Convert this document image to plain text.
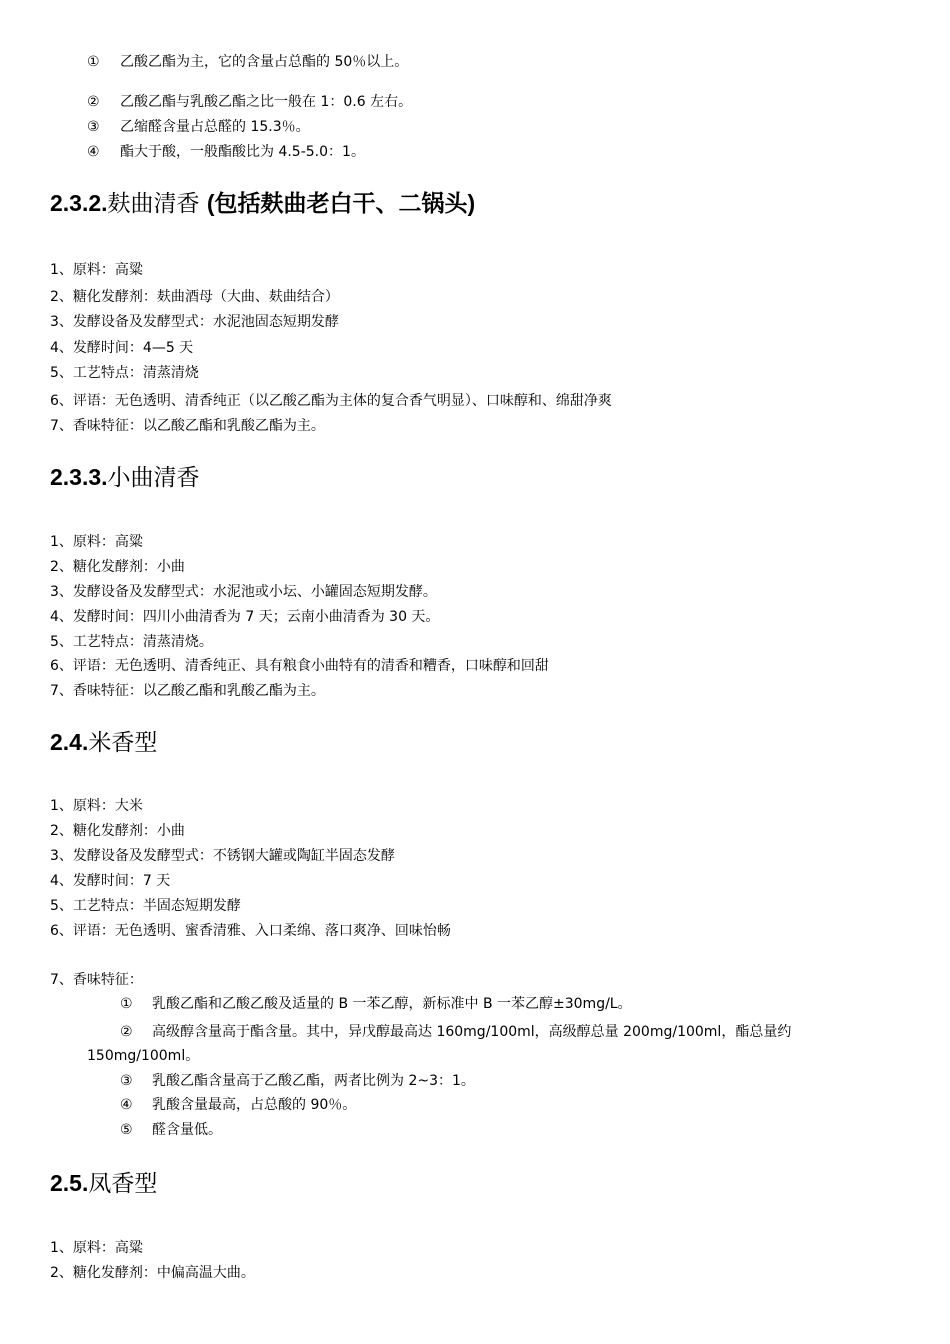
① 乙酸乙酯为主，它的含量占总酯的 50％以上。
② 乙酸乙酯与乳酸乙酯之比一般在 1：0.6 左右。
③ 乙缩醛含量占总醛的 15.3％。
④ 酯大于酸，一般酯酸比为 4.5-5.0：1。
2.3.2.麸曲清香 (包括麸曲老白干、二锅头)
1、原料：高粱
2、糖化发酵剂：麸曲酒母（大曲、麸曲结合）
3、发酵设备及发酵型式：水泥池固态短期发酵
4、发酵时间：4—5 天
5、工艺特点：清蒸清烧
6、评语：无色透明、清香纯正（以乙酸乙酯为主体的复合香气明显）、口味醇和、绵甜净爽
7、香味特征：以乙酸乙酯和乳酸乙酯为主。
2.3.3.小曲清香
1、原料：高粱
2、糖化发酵剂：小曲
3、发酵设备及发酵型式：水泥池或小坛、小罐固态短期发酵。
4、发酵时间：四川小曲清香为 7 天；云南小曲清香为 30 天。
5、工艺特点：清蒸清烧。
6、评语：无色透明、清香纯正、具有粮食小曲特有的清香和糟香，口味醇和回甜
7、香味特征：以乙酸乙酯和乳酸乙酯为主。
2.4.米香型
1、原料：大米
2、糖化发酵剂：小曲
3、发酵设备及发酵型式：不锈钢大罐或陶缸半固态发酵
4、发酵时间：7 天
5、工艺特点：半固态短期发酵
6、评语：无色透明、蜜香清雅、入口柔绵、落口爽净、回味怡畅
7、香味特征：
① 乳酸乙酯和乙酸乙酸及适量的 B 一苯乙醇，新标准中 B 一苯乙醇±30mg/L。
② 高级醇含量高于酯含量。其中，异戊醇最高达 160mg/100ml，高级醇总量 200mg/100ml，酯总量约
150mg/100ml。
③ 乳酸乙酯含量高于乙酸乙酯，两者比例为 2~3：1。
④ 乳酸含量最高，占总酸的 90％。
⑤ 醛含量低。
2.5.凤香型
1、原料：高粱
2、糖化发酵剂：中偏高温大曲。
